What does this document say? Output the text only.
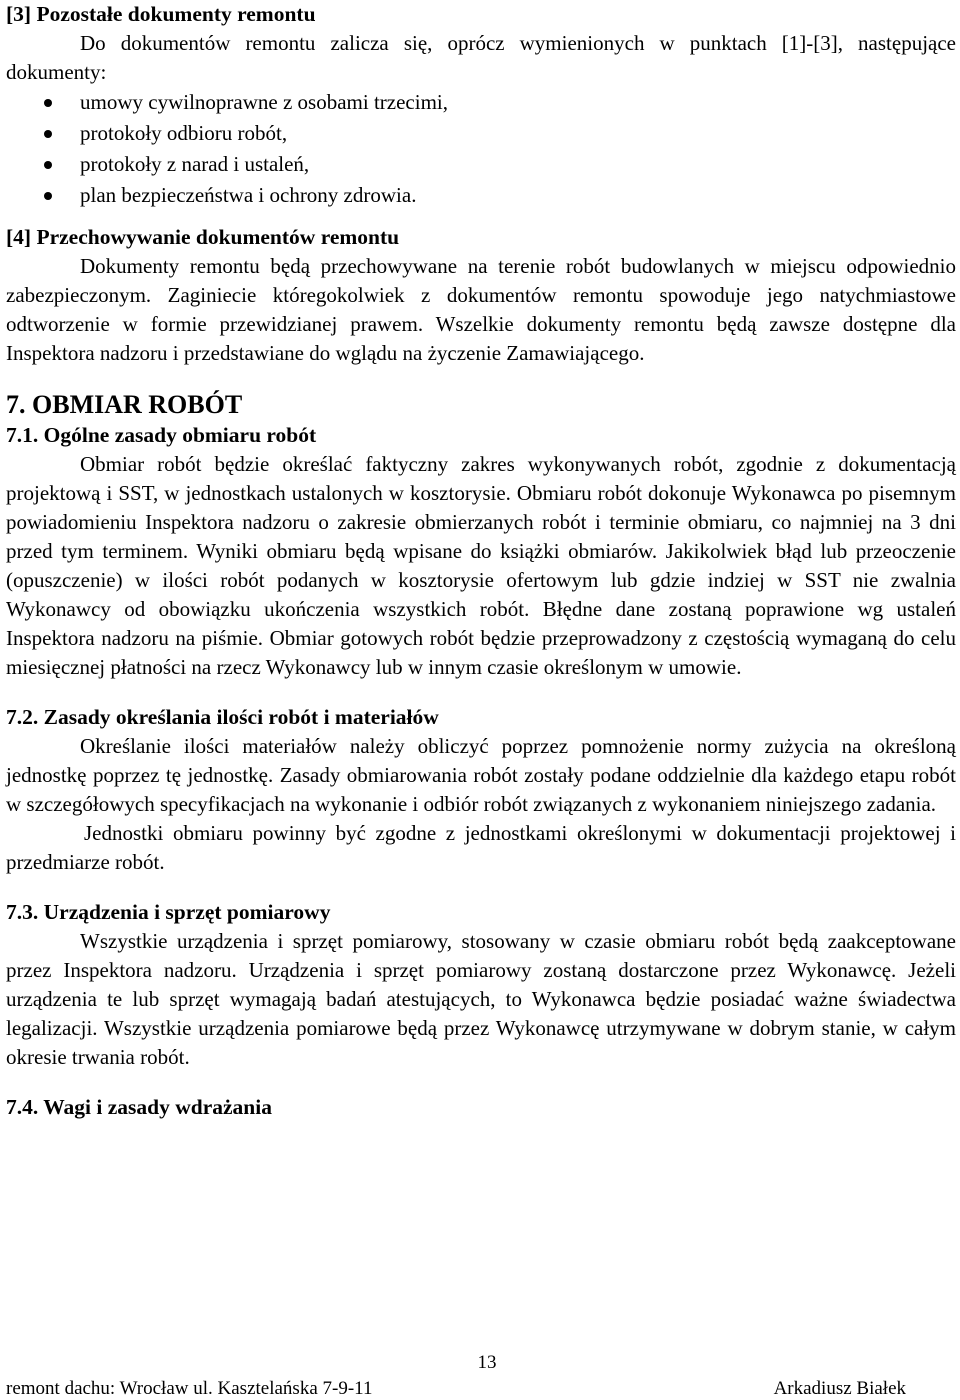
[3] Pozostałe dokumenty remontu

Do dokumentów remontu zalicza się, oprócz wymienionych w punktach [1]-[3], następujące dokumenty:

umowy cywilnoprawne z osobami trzecimi,
protokoły odbioru robót,
protokoły z narad i ustaleń,
plan bezpieczeństwa i ochrony zdrowia.

[4] Przechowywanie dokumentów remontu

Dokumenty remontu będą przechowywane na terenie robót budowlanych w miejscu odpowiednio zabezpieczonym. Zaginiecie któregokolwiek z dokumentów remontu spowoduje jego natychmiastowe odtworzenie w formie przewidzianej prawem. Wszelkie dokumenty remontu będą zawsze dostępne dla Inspektora nadzoru i przedstawiane do wglądu na życzenie Zamawiającego.

7. OBMIAR ROBÓT

7.1. Ogólne zasady obmiaru robót

Obmiar robót będzie określać faktyczny zakres wykonywanych robót, zgodnie z dokumentacją projektową i SST, w jednostkach ustalonych w kosztorysie. Obmiaru robót dokonuje Wykonawca po pisemnym powiadomieniu Inspektora nadzoru o zakresie obmierzanych robót i terminie obmiaru, co najmniej na 3 dni przed tym terminem. Wyniki obmiaru będą wpisane do książki obmiarów. Jakikolwiek błąd lub przeoczenie (opuszczenie) w ilości robót podanych w kosztorysie ofertowym lub gdzie indziej w SST nie zwalnia Wykonawcy od obowiązku ukończenia wszystkich robót. Błędne dane zostaną poprawione wg ustaleń Inspektora nadzoru na piśmie. Obmiar gotowych robót będzie przeprowadzony z częstością wymaganą do celu miesięcznej płatności na rzecz Wykonawcy lub w innym czasie określonym w umowie.

7.2. Zasady określania ilości robót i materiałów

Określanie ilości materiałów należy obliczyć poprzez pomnożenie normy zużycia na określoną jednostkę poprzez tę jednostkę. Zasady obmiarowania robót zostały podane oddzielnie dla każdego etapu robót w szczegółowych specyfikacjach na wykonanie i odbiór robót związanych z wykonaniem niniejszego zadania.

Jednostki obmiaru powinny być zgodne z jednostkami określonymi w dokumentacji projektowej i przedmiarze robót.

7.3. Urządzenia i sprzęt pomiarowy

Wszystkie urządzenia i sprzęt pomiarowy, stosowany w czasie obmiaru robót będą zaakceptowane przez Inspektora nadzoru. Urządzenia i sprzęt pomiarowy zostaną dostarczone przez Wykonawcę. Jeżeli urządzenia te lub sprzęt wymagają badań atestujących, to Wykonawca będzie posiadać ważne świadectwa legalizacji. Wszystkie urządzenia pomiarowe będą przez Wykonawcę utrzymywane w dobrym stanie, w całym okresie trwania robót.

7.4. Wagi i zasady wdrażania

13
remont dachu: Wrocław ul. Kasztelańska 7-9-11	Arkadiusz Białek
